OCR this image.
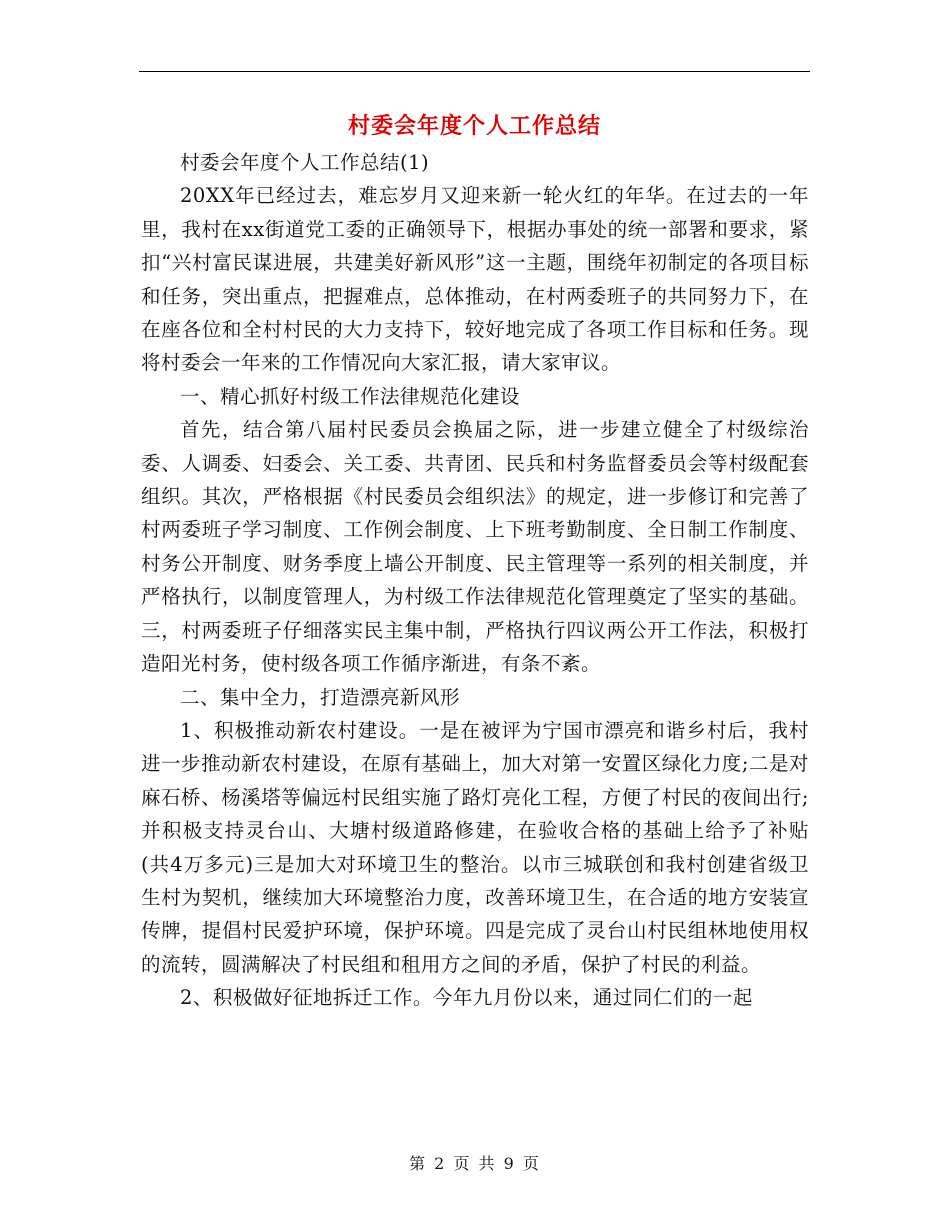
村委会年度个人工作总结

村委会年度个人工作总结(1)

20XX年已经过去，难忘岁月又迎来新一轮火红的年华。在过去的一年里，我村在xx街道党工委的正确领导下，根据办事处的统一部署和要求，紧扣“兴村富民谋进展，共建美好新风形”这一主题，围绕年初制定的各项目标和任务，突出重点，把握难点，总体推动，在村两委班子的共同努力下，在在座各位和全村村民的大力支持下，较好地完成了各项工作目标和任务。现将村委会一年来的工作情况向大家汇报，请大家审议。

一、精心抓好村级工作法律规范化建设

首先，结合第八届村民委员会换届之际，进一步建立健全了村级综治委、人调委、妇委会、关工委、共青团、民兵和村务监督委员会等村级配套组织。其次，严格根据《村民委员会组织法》的规定，进一步修订和完善了村两委班子学习制度、工作例会制度、上下班考勤制度、全日制工作制度、村务公开制度、财务季度上墙公开制度、民主管理等一系列的相关制度，并严格执行，以制度管理人，为村级工作法律规范化管理奠定了坚实的基础。三，村两委班子仔细落实民主集中制，严格执行四议两公开工作法，积极打造阳光村务，使村级各项工作循序渐进，有条不紊。

二、集中全力，打造漂亮新风形

1、积极推动新农村建设。一是在被评为宁国市漂亮和谐乡村后，我村进一步推动新农村建设，在原有基础上，加大对第一安置区绿化力度;二是对麻石桥、杨溪塔等偏远村民组实施了路灯亮化工程，方便了村民的夜间出行;并积极支持灵台山、大塘村级道路修建，在验收合格的基础上给予了补贴(共4万多元)三是加大对环境卫生的整治。以市三城联创和我村创建省级卫生村为契机，继续加大环境整治力度，改善环境卫生，在合适的地方安装宣传牌，提倡村民爱护环境，保护环境。四是完成了灵台山村民组林地使用权的流转，圆满解决了村民组和租用方之间的矛盾，保护了村民的利益。

2、积极做好征地拆迁工作。今年九月份以来，通过同仁们的一起

第 2 页 共 9 页
